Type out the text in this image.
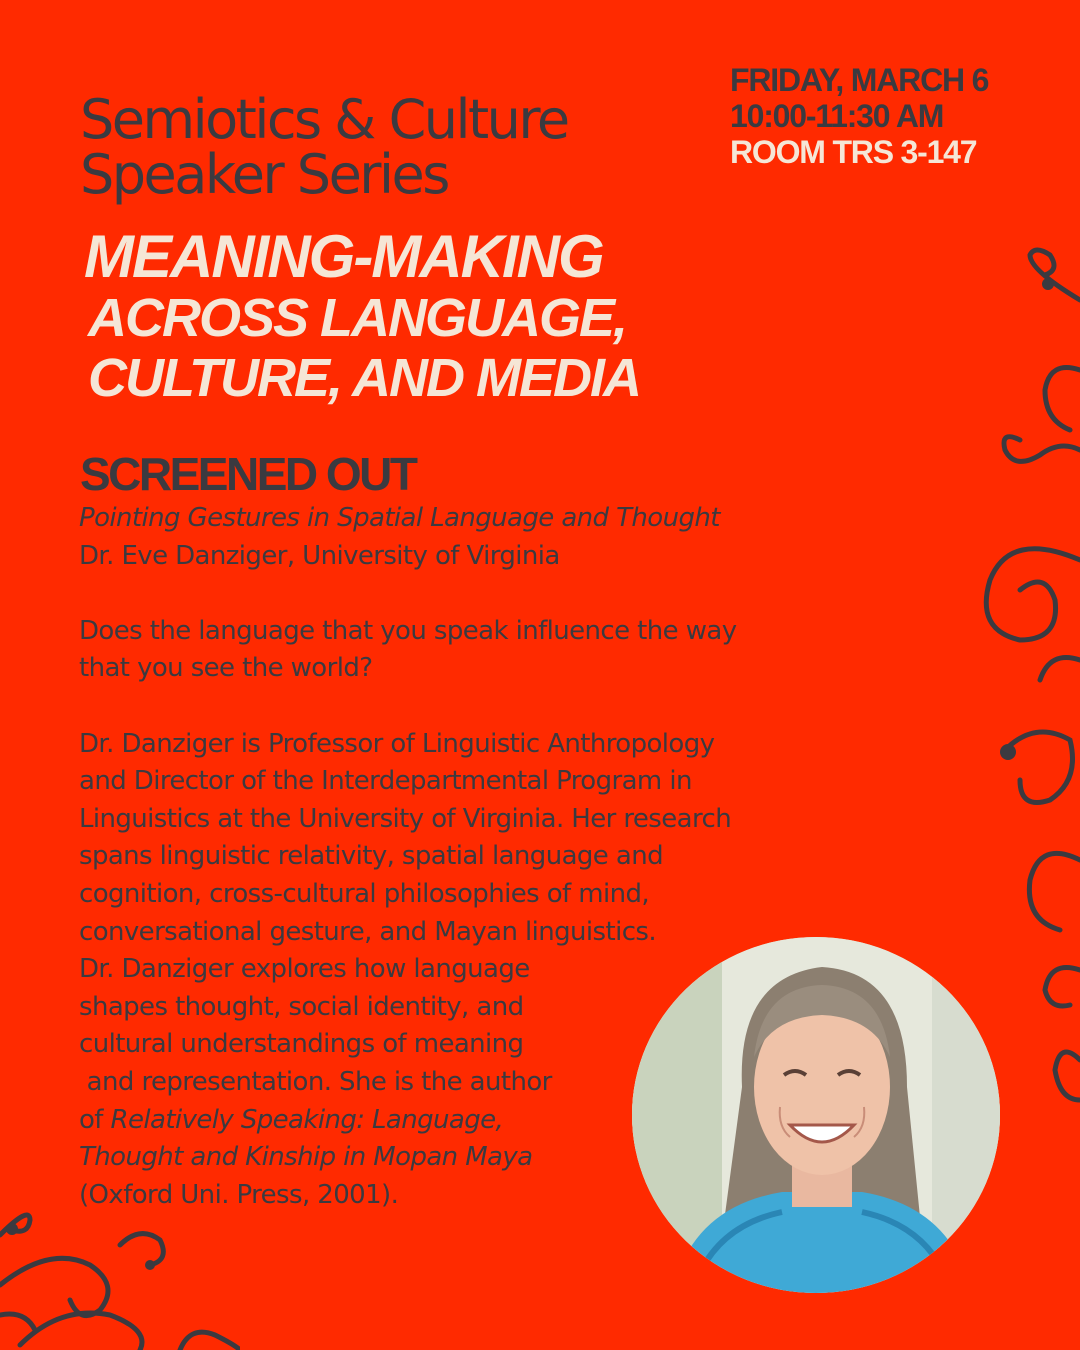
Semiotics & Culture
Speaker Series
FRIDAY, MARCH 6
10:00-11:30 AM
ROOM TRS 3-147
MEANING-MAKING
ACROSS LANGUAGE,
CULTURE, AND MEDIA
SCREENED OUT
Pointing Gestures in Spatial Language and Thought
Dr. Eve Danziger, University of Virginia
Does the language that you speak influence the way
that you see the world?
Dr. Danziger is Professor of Linguistic Anthropology
and Director of the Interdepartmental Program in
Linguistics at the University of Virginia. Her research
spans linguistic relativity, spatial language and
cognition, cross-cultural philosophies of mind,
conversational gesture, and Mayan linguistics.
Dr. Danziger explores how language
shapes thought, social identity, and
cultural understandings of meaning
and representation. She is the author
of Relatively Speaking: Language,
Thought and Kinship in Mopan Maya
(Oxford Uni. Press, 2001).
